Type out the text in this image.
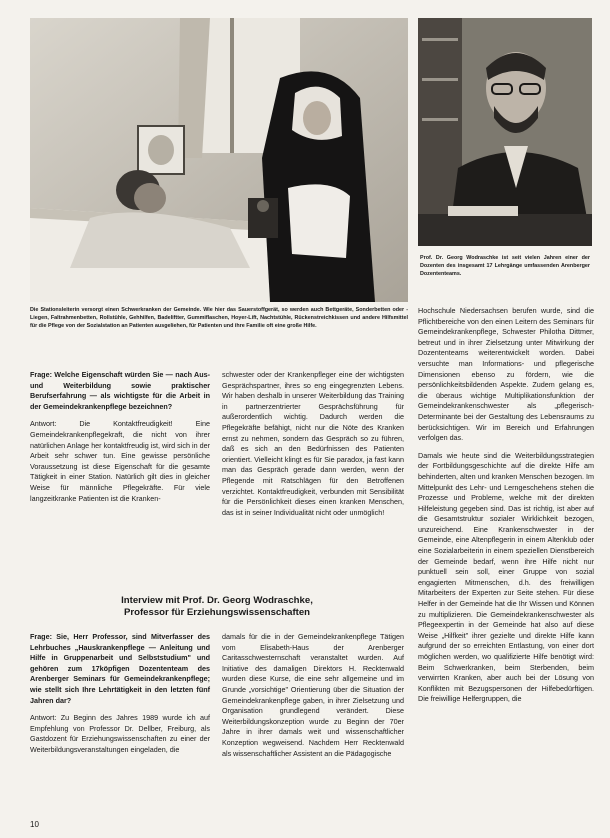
Die Stationsleiterin versorgt einen Schwerkranken der Gemeinde. Wie hier das Sauerstoffgerät, so werden auch Bettgeräte, Sonderbetten oder -Liegen, Faltrahmenbetten, Rollstühle, Gehhilfen, Badeliftter, Gummiflaschen, Hoyer-Lift, Nachtstühle, Rückenstreichkissen und andere Hilfsmittel für die Pflege von der Sozialstation an Patienten ausgeliehen, für Patienten und ihre Familie oft eine große Hilfe.
Prof. Dr. Georg Wodraschke ist seit vielen Jahren einer der Dozenten des insgesamt 17 Lehrgänge umfassenden Arenberger Dozententeams.

Frage: Welche Eigenschaft würden Sie — nach Aus- und Weiterbildung sowie praktischer Berufserfahrung — als wichtigste für die Arbeit in der Gemeindekrankenpflege bezeichnen?

Antwort: Die Kontaktfreudigkeit! Eine Gemeindekrankenpflegekraft, die nicht von ihrer natürlichen Anlage her kontaktfreudig ist, wird sich in der Arbeit sehr schwer tun. Eine gewisse persönliche Voraussetzung ist diese Eigenschaft für die gesamte Tätigkeit in einer Station. Natürlich gilt dies in gleicher Weise für männliche Pflegekräfte. Für viele langzeitkranke Patienten ist die Kranken-

schwester oder der Krankenpfleger eine der wichtigsten Gesprächspartner, ihres so eng eingegrenzten Lebens. Wir haben deshalb in unserer Weiterbildung das Training in partnerzentrierter Gesprächsführung für außerordentlich wichtig. Dadurch werden die Pflegekräfte befähigt, nicht nur die Nöte des Kranken ernst zu nehmen, sondern das Gespräch so zu führen, daß es sich an den Bedürfnissen des Patienten orientiert. Vielleicht klingt es für Sie paradox, ja fast kann man das Gespräch gerade dann werden, wenn der Pflegende mit Ratschlägen für den Betroffenen verzichtet. Kontaktfreudigkeit, verbunden mit Sensibilität für die Persönlichkeit dieses einen kranken Menschen, das ist in seiner Individualität nicht oder unmöglich!

Interview mit Prof. Dr. Georg Wodraschke,
Professor für Erziehungswissenschaften

Frage: Sie, Herr Professor, sind Mitverfasser des Lehrbuches „Hauskrankenpflege — Anleitung und Hilfe in Gruppenarbeit und Selbststudium" und gehören zum 17köpfigen Dozententeam des Arenberger Seminars für Gemeindekrankenpflege; wie stellt sich Ihre Lehrtätigkeit in den letzten fünf Jahren dar?

Antwort: Zu Beginn des Jahres 1989 wurde ich auf Empfehlung von Professor Dr. Dellber, Freiburg, als Gastdozent für Erziehungswissenschaften zu einer der Weiterbildungsveranstaltungen eingeladen, die

damals für die in der Gemeindekrankenpflege Tätigen vom Elisabeth-Haus der Arenberger Caritasschwesternschaft veranstaltet wurden. Auf Initiative des damaligen Direktors H. Recktenwald wurden diese Kurse, die eine sehr allgemeine und im Grunde „vorsichtige" Orientierung über die Situation der Gemeindekrankenpflege gaben, in ihrer Zielsetzung und Organisation grundlegend verändert. Diese Weiterbildungskonzeption wurde zu Beginn der 70er Jahre in ihrer damals weit und wissenschaftlicher Konzeption wegweisend. Nachdem Herr Recktenwald als wissenschaftlicher Assistent an die Pädagogische

Hochschule Niedersachsen berufen wurde, sind die Pflichtbereiche von den einen Leitern des Seminars für Gemeindekrankenpflege, Schwester Philotha Dittmer, betreut und in ihrer Zielsetzung unter Mitwirkung der Dozententeams weiterentwickelt worden. Dabei versuchte man Informations- und pflegerische Dimensionen ebenso zu fördern, wie die persönlichkeitsbildenden Aspekte. Zudem gelang es, die überaus wichtige Multiplikationsfunktion der Gemeindekrankenschwester als „pflegerisch-Determinante bei der Gestaltung des Lebensraums zu berücksichtigen. Wir im Bereich und Erfahrungen verfolgen das.

Damals wie heute sind die Weiterbildungsstrategien der Fortbildungsgeschichte auf die direkte Hilfe am behinderten, alten und kranken Menschen bezogen. Im Mittelpunkt des Lehr- und Lerngeschehens stehen die Prozesse und Probleme, welche mit der direkten Hilfeleistung gegeben sind. Das ist richtig, ist aber auf die Gesamtstruktur sozialer Wirklichkeit bezogen, unzureichend. Eine Krankenschwester in der Gemeinde, eine Altenpflegerin in einem Altenklub oder eine Sozialarbeiterin in einem speziellen Dienstbereich der Gemeinde bedarf, wenn ihre Hilfe nicht nur punktuell sein soll, einer Gruppe von sozial engagierten Mitmenschen, d.h. des freiwilligen Mitarbeiters der Experten zur Seite stehen. Für diese Helfer in der Gemeinde hat die Ihr Wissen und Können zu multiplizieren. Die Gemeindekrankenschwester als Pflegeexpertin in der Gemeinde hat also auf diese Weise „Hilfkeit" ihrer gezielte und direkte Hilfe kann aufgrund der so erreichten Entlastung, von einer dort möglichen werden, wo qualifizierte Hilfe benötigt wird: Beim Schwerkranken, beim Sterbenden, beim verwirrten Kranken, aber auch bei der Lösung von Konflikten mit Bezugspersonen der Hilfebedürftigen. Die freiwillige Helfergruppen, die

10
